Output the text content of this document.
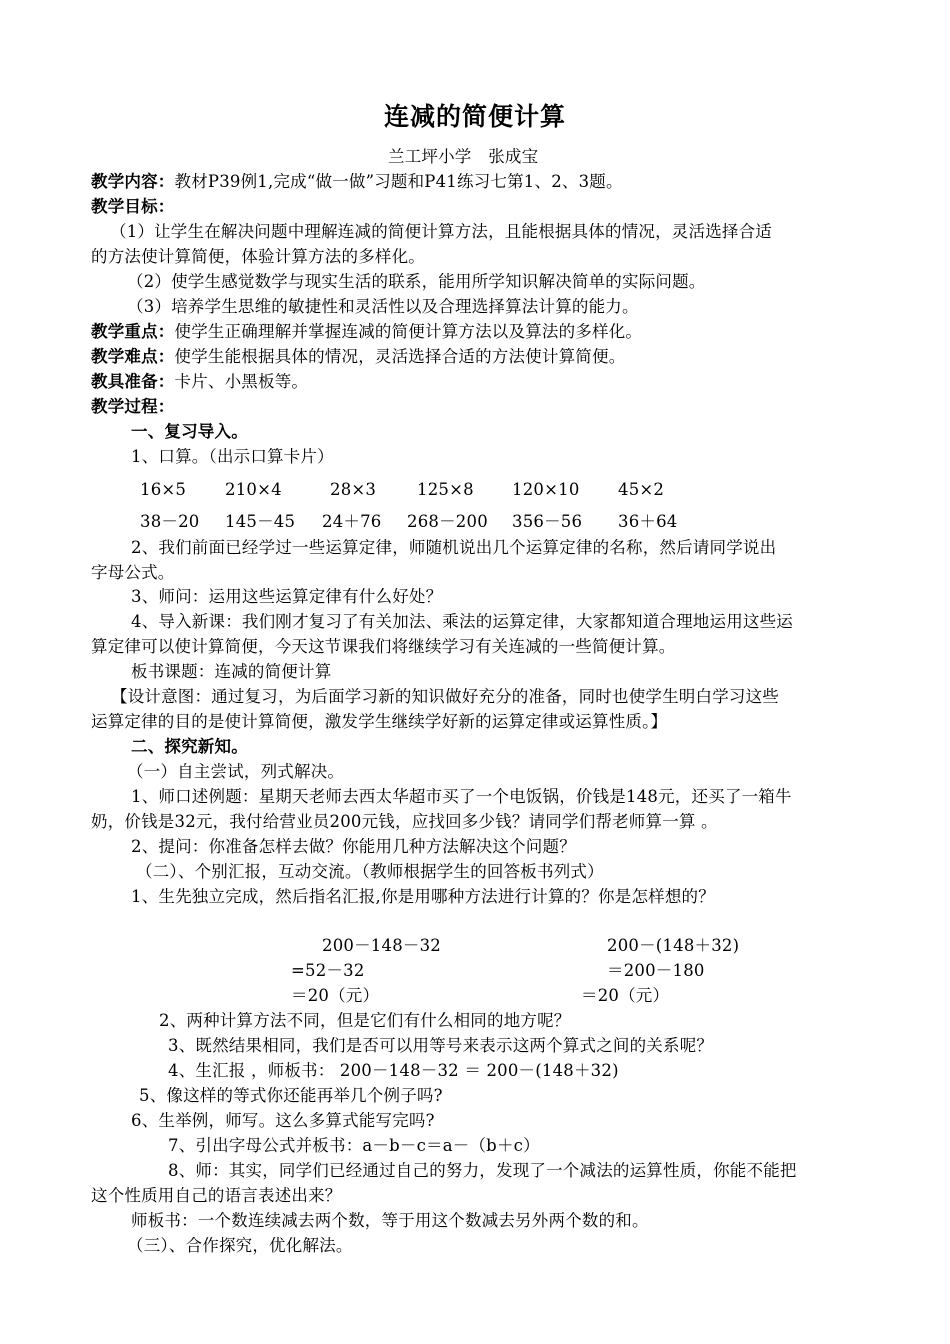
连减的简便计算
兰工坪小学　张成宝
教学内容：教材P39例1,完成“做一做”习题和P41练习七第1、2、3题。
教学目标：
（1）让学生在解决问题中理解连减的简便计算方法，且能根据具体的情况，灵活选择合适
的方法使计算简便，体验计算方法的多样化。
（2）使学生感觉数学与现实生活的联系，能用所学知识解决简单的实际问题。
（3）培养学生思维的敏捷性和灵活性以及合理选择算法计算的能力。
教学重点：使学生正确理解并掌握连减的简便计算方法以及算法的多样化。
教学难点：使学生能根据具体的情况，灵活选择合适的方法使计算简便。
教具准备：卡片、小黑板等。
教学过程：
一、复习导入。
1、口算。（出示口算卡片）
16×5 210×4	28×3 125×8 120×10 45×2
38－20 145－45 24＋76 268－200 356－56 36＋64
2、我们前面已经学过一些运算定律，师随机说出几个运算定律的名称，然后请同学说出
字母公式。
3、师问：运用这些运算定律有什么好处？
4、导入新课：我们刚才复习了有关加法、乘法的运算定律，大家都知道合理地运用这些运
算定律可以使计算简便，今天这节课我们将继续学习有关连减的一些简便计算。
板书课题：连减的简便计算
【设计意图：通过复习，为后面学习新的知识做好充分的准备，同时也使学生明白学习这些
运算定律的目的是使计算简便，激发学生继续学好新的运算定律或运算性质。】
二、探究新知。
（一）自主尝试，列式解决。
1、师口述例题：星期天老师去西太华超市买了一个电饭锅，价钱是148元，还买了一箱牛
奶，价钱是32元，我付给营业员200元钱，应找回多少钱？请同学们帮老师算一算 。
2、提问：你准备怎样去做？你能用几种方法解决这个问题？
（二）、个别汇报，互动交流。（教师根据学生的回答板书列式）
1、生先独立完成，然后指名汇报,你是用哪种方法进行计算的？你是怎样想的？
200－148－32
=52－32
＝20（元）
200－(148＋32)
＝200－180
＝20（元）
2、两种计算方法不同，但是它们有什么相同的地方呢？
3、既然结果相同，我们是否可以用等号来表示这两个算式之间的关系呢？
4、生汇报 ，师板书： 200－148－32 ＝ 200－(148＋32)
5、像这样的等式你还能再举几个例子吗?
6、生举例，师写。这么多算式能写完吗?
7、引出字母公式并板书：a－b－c＝a－（b＋c）
8、师：其实，同学们已经通过自己的努力，发现了一个减法的运算性质，你能不能把
这个性质用自己的语言表述出来？
师板书：一个数连续减去两个数，等于用这个数减去另外两个数的和。
（三）、合作探究，优化解法。
